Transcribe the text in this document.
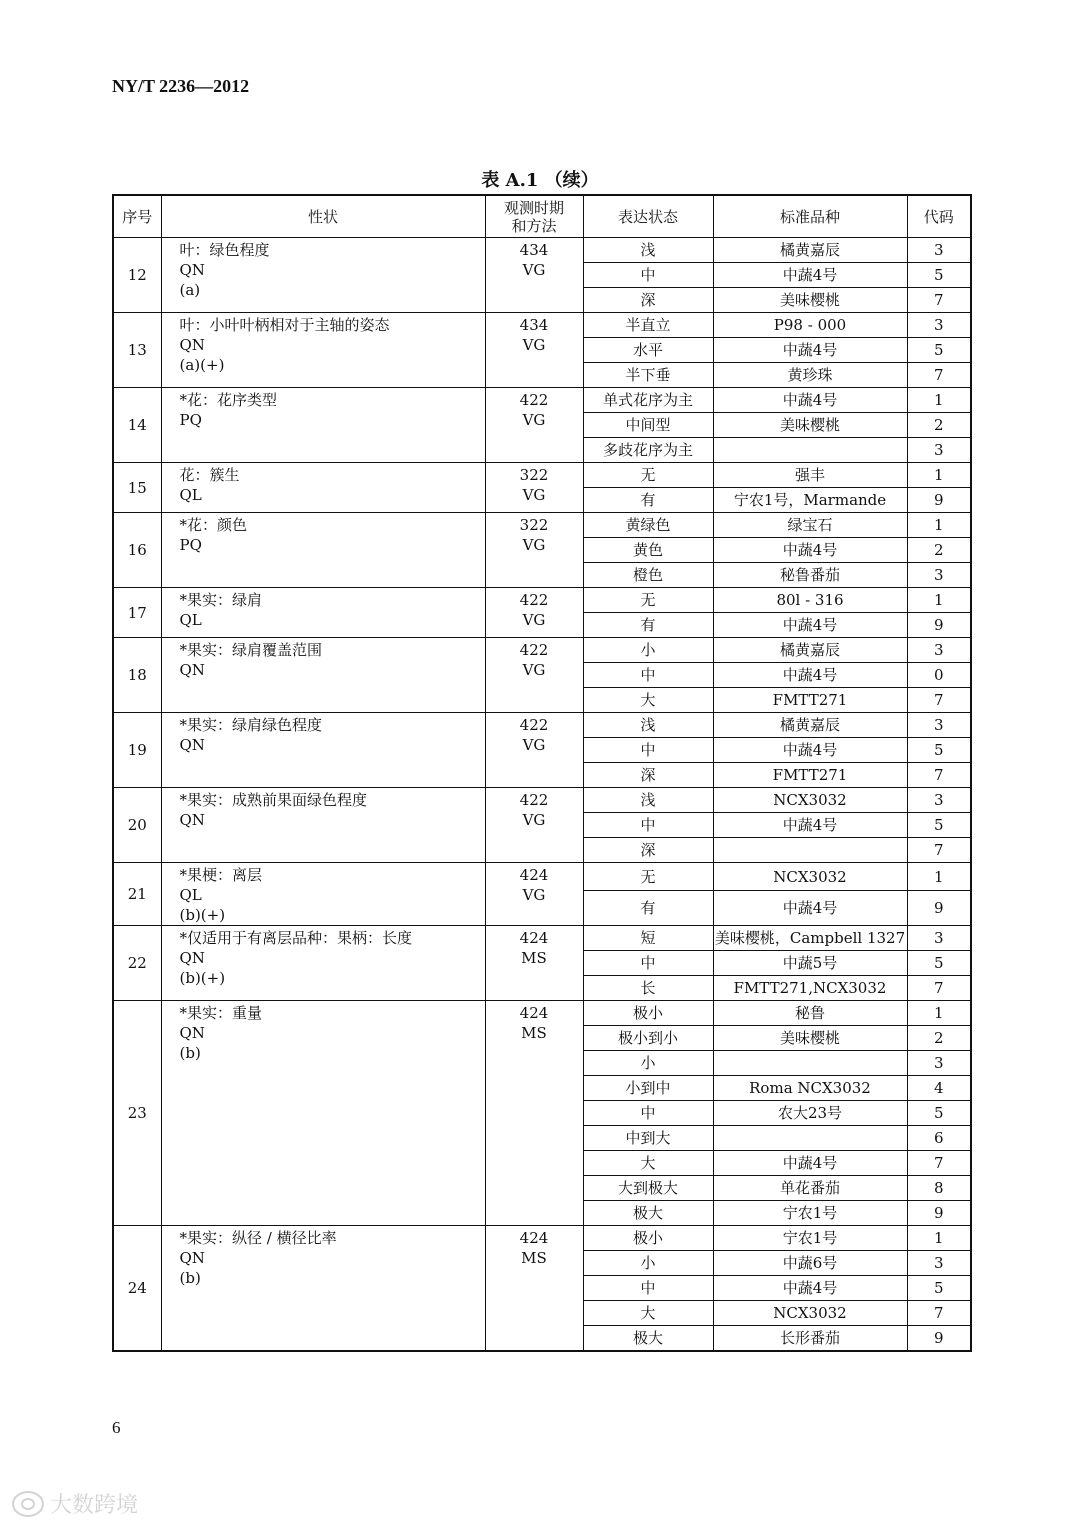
NY/T 2236—2012
表 A.1 （续）
序号	性状	观测时期和方法	表达状态	标准品种	代码
12	叶：绿色程度
QN
(a)	434
VG	浅	橘黄嘉辰	3
			中	中蔬4号	5
			深	美味樱桃	7
13	叶：小叶叶柄相对于主轴的姿态
QN
(a)(+)	434
VG	半直立	P98 - 000	3
			水平	中蔬4号	5
			半下垂	黄珍珠	7
14	*花：花序类型
PQ	422
VG	单式花序为主	中蔬4号	1
			中间型	美味樱桃	2
			多歧花序为主		3
15	花：簇生
QL	322
VG	无	强丰	1
			有	宁农1号，Marmande	9
16	*花：颜色
PQ	322
VG	黄绿色	绿宝石	1
			黄色	中蔬4号	2
			橙色	秘鲁番茄	3
17	*果实：绿肩
QL	422
VG	无	80l - 316	1
			有	中蔬4号	9
18	*果实：绿肩覆盖范围
QN	422
VG	小	橘黄嘉辰	3
			中	中蔬4号	0
			大	FMTT271	7
19	*果实：绿肩绿色程度
QN	422
VG	浅	橘黄嘉辰	3
			中	中蔬4号	5
			深	FMTT271	7
20	*果实：成熟前果面绿色程度
QN	422
VG	浅	NCX3032	3
			中	中蔬4号	5
			深		7
21	*果梗：离层
QL
(b)(+)	424
VG	无	NCX3032	1
			有	中蔬4号	9
22	*仅适用于有离层品种：果柄：长度
QN
(b)(+)	424
MS	短	美味樱桃，Campbell 1327	3
			中	中蔬5号	5
			长	FMTT271,NCX3032	7
23	*果实：重量
QN
(b)	424
MS	极小	秘鲁	1
			极小到小	美味樱桃	2
			小		3
			小到中	Roma NCX3032	4
			中	农大23号	5
			中到大		6
			大	中蔬4号	7
			大到极大	单花番茄	8
			极大	宁农1号	9
24	*果实：纵径 / 横径比率
QN
(b)	424
MS	极小	宁农1号	1
			小	中蔬6号	3
			中	中蔬4号	5
			大	NCX3032	7
			极大	长形番茄	9
6
大数跨境
